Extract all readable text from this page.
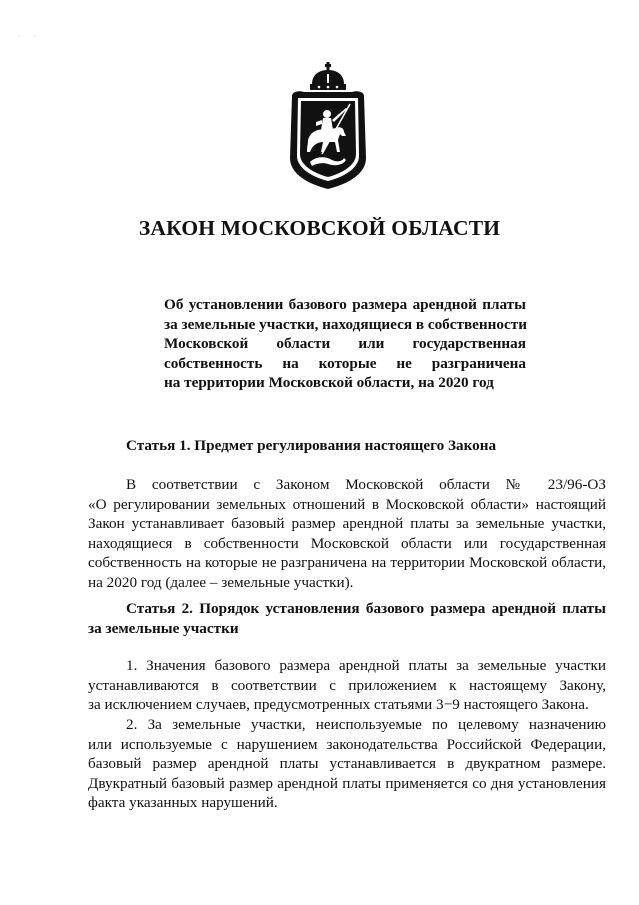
· ·
ЗАКОН МОСКОВСКОЙ ОБЛАСТИ
Об установлении базового размера арендной платы
за земельные участки, находящиеся в собственности
Московской области или государственная
собственность на которые не разграничена
на территории Московской области, на 2020 год
Статья 1. Предмет регулирования настоящего Закона
В соответствии с Законом Московской области № 23/96-ОЗ
«О регулировании земельных отношений в Московской области» настоящий
Закон устанавливает базовый размер арендной платы за земельные участки,
находящиеся в собственности Московской области или государственная
собственность на которые не разграничена на территории Московской области,
на 2020 год (далее – земельные участки).
Статья 2. Порядок установления базового размера арендной платы
за земельные участки
1. Значения базового размера арендной платы за земельные участки
устанавливаются в соответствии с приложением к настоящему Закону,
за исключением случаев, предусмотренных статьями 3−9 настоящего Закона.
2. За земельные участки, неиспользуемые по целевому назначению
или используемые с нарушением законодательства Российской Федерации,
базовый размер арендной платы устанавливается в двукратном размере.
Двукратный базовый размер арендной платы применяется со дня установления
факта указанных нарушений.
